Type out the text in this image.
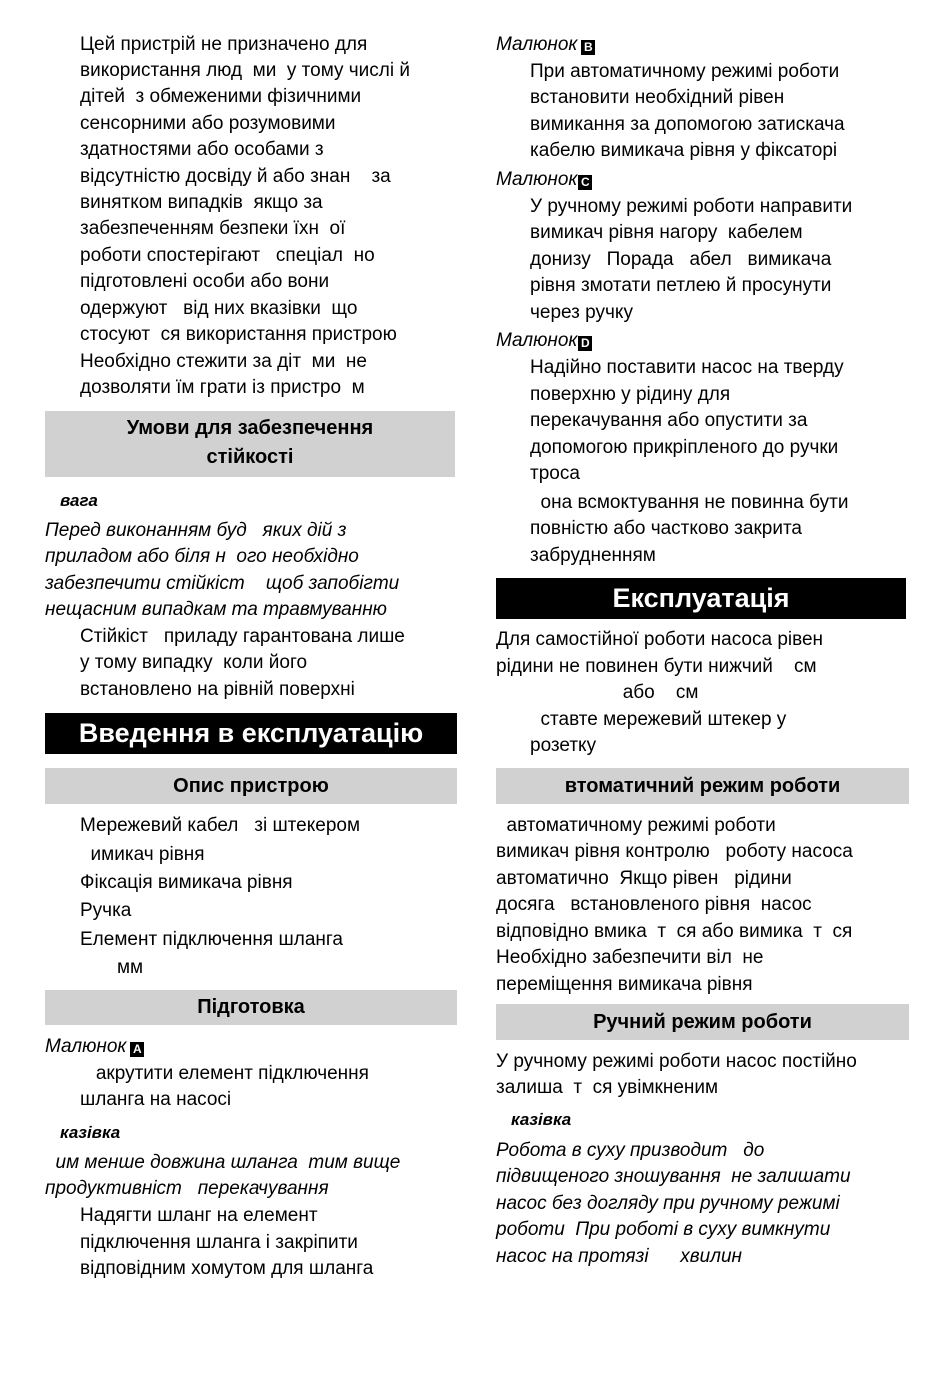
Цей пристрій не призначено для
використання люд  ми  у тому числі й
дітей  з обмеженими фізичними
сенсорними або розумовими
здатностями або особами з
відсутністю досвіду й або знан    за
винятком випадків  якщо за
забезпеченням безпеки їхн  ої
роботи спостерігают   спеціал  но
підготовлені особи або вони
одержуют   від них вказівки  що
стосуют  ся використання пристрою
Необхідно стежити за діт  ми  не
дозволяти їм грати із пристро  м
Умови для забезпечення
стійкості
вага
Перед виконанням буд   яких дій з
приладом або біля н  ого необхідно
забезпечити стійкіст    щоб запобігти
нещасним випадкам та травмуванню
Стійкіст   приладу гарантована лише
у тому випадку  коли його
встановлено на рівній поверхні
Введення в експлуатацію
Опис пристрою
Мережевий кабел   зі штекером
имикач рівня
Фіксація вимикача рівня
Ручка
Елемент підключення шланга
мм
Підготовка
Малюнок A
акрутити елемент підключення
шланга на насосі
казівка
им менше довжина шланга  тим вище
продуктивніст   перекачування
Надягти шланг на елемент
підключення шланга і закріпити
відповідним хомутом для шланга
Малюнок B
При автоматичному режимі роботи
встановити необхідний рівен
вимикання за допомогою затискача
кабелю вимикача рівня у фіксаторі
Малюнок C
У ручному режимі роботи направити
вимикач рівня нагору  кабелем
донизу   Порада   абел   вимикача
рівня змотати петлею й просунути
через ручку
Малюнок D
Надійно поставити насос на тверду
поверхню у рідину для
перекачування або опустити за
допомогою прикріпленого до ручки
троса
она всмоктування не повинна бути
повністю або частково закрита
забрудненням
Експлуатація
Для самостійної роботи насоса рівен
рідини не повинен бути нижчий    см
або    см
ставте мережевий штекер у
розетку
втоматичний режим роботи
автоматичному режимі роботи
вимикач рівня контролю   роботу насоса
автоматично  Якщо рівен   рідини
досяга   встановленого рівня  насос
відповідно вмика  т  ся або вимика  т  ся
Необхідно забезпечити віл  не
переміщення вимикача рівня
Ручний режим роботи
У ручному режимі роботи насос постійно
залиша  т  ся увімкненим
казівка
Робота в суху призводит   до
підвищеного зношування  не залишати
насос без догляду при ручному режимі
роботи  При роботі в суху вимкнути
насос на протязі      хвилин
